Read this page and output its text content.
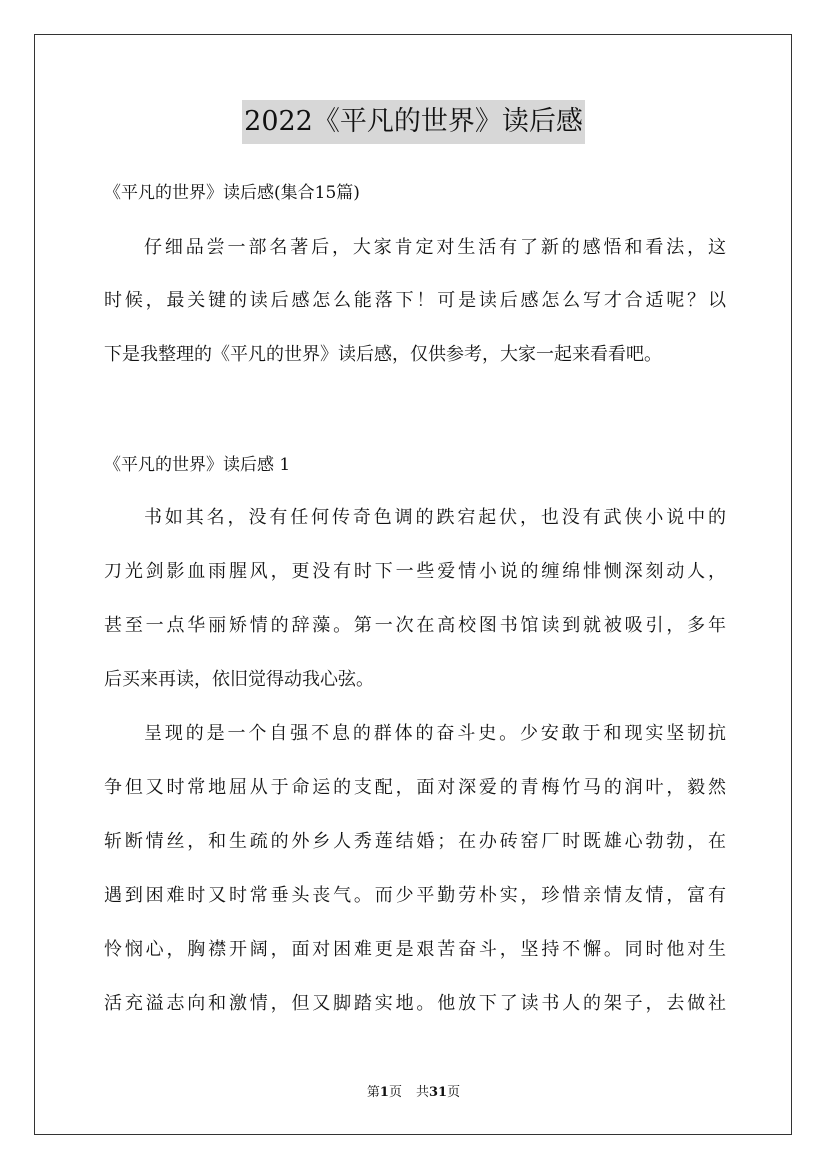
2022《平凡的世界》读后感
《平凡的世界》读后感(集合15篇)
仔细品尝一部名著后，大家肯定对生活有了新的感悟和看法，这
时候，最关键的读后感怎么能落下！可是读后感怎么写才合适呢？以
下是我整理的《平凡的世界》读后感，仅供参考，大家一起来看看吧。
《平凡的世界》读后感 1
书如其名，没有任何传奇色调的跌宕起伏，也没有武侠小说中的
刀光剑影血雨腥风，更没有时下一些爱情小说的缠绵悱恻深刻动人，
甚至一点华丽矫情的辞藻。第一次在高校图书馆读到就被吸引，多年
后买来再读，依旧觉得动我心弦。
呈现的是一个自强不息的群体的奋斗史。少安敢于和现实坚韧抗
争但又时常地屈从于命运的支配，面对深爱的青梅竹马的润叶，毅然
斩断情丝，和生疏的外乡人秀莲结婚；在办砖窑厂时既雄心勃勃，在
遇到困难时又时常垂头丧气。而少平勤劳朴实，珍惜亲情友情，富有
怜悯心，胸襟开阔，面对困难更是艰苦奋斗，坚持不懈。同时他对生
活充溢志向和激情，但又脚踏实地。他放下了读书人的架子，去做社
第1页 共31页
